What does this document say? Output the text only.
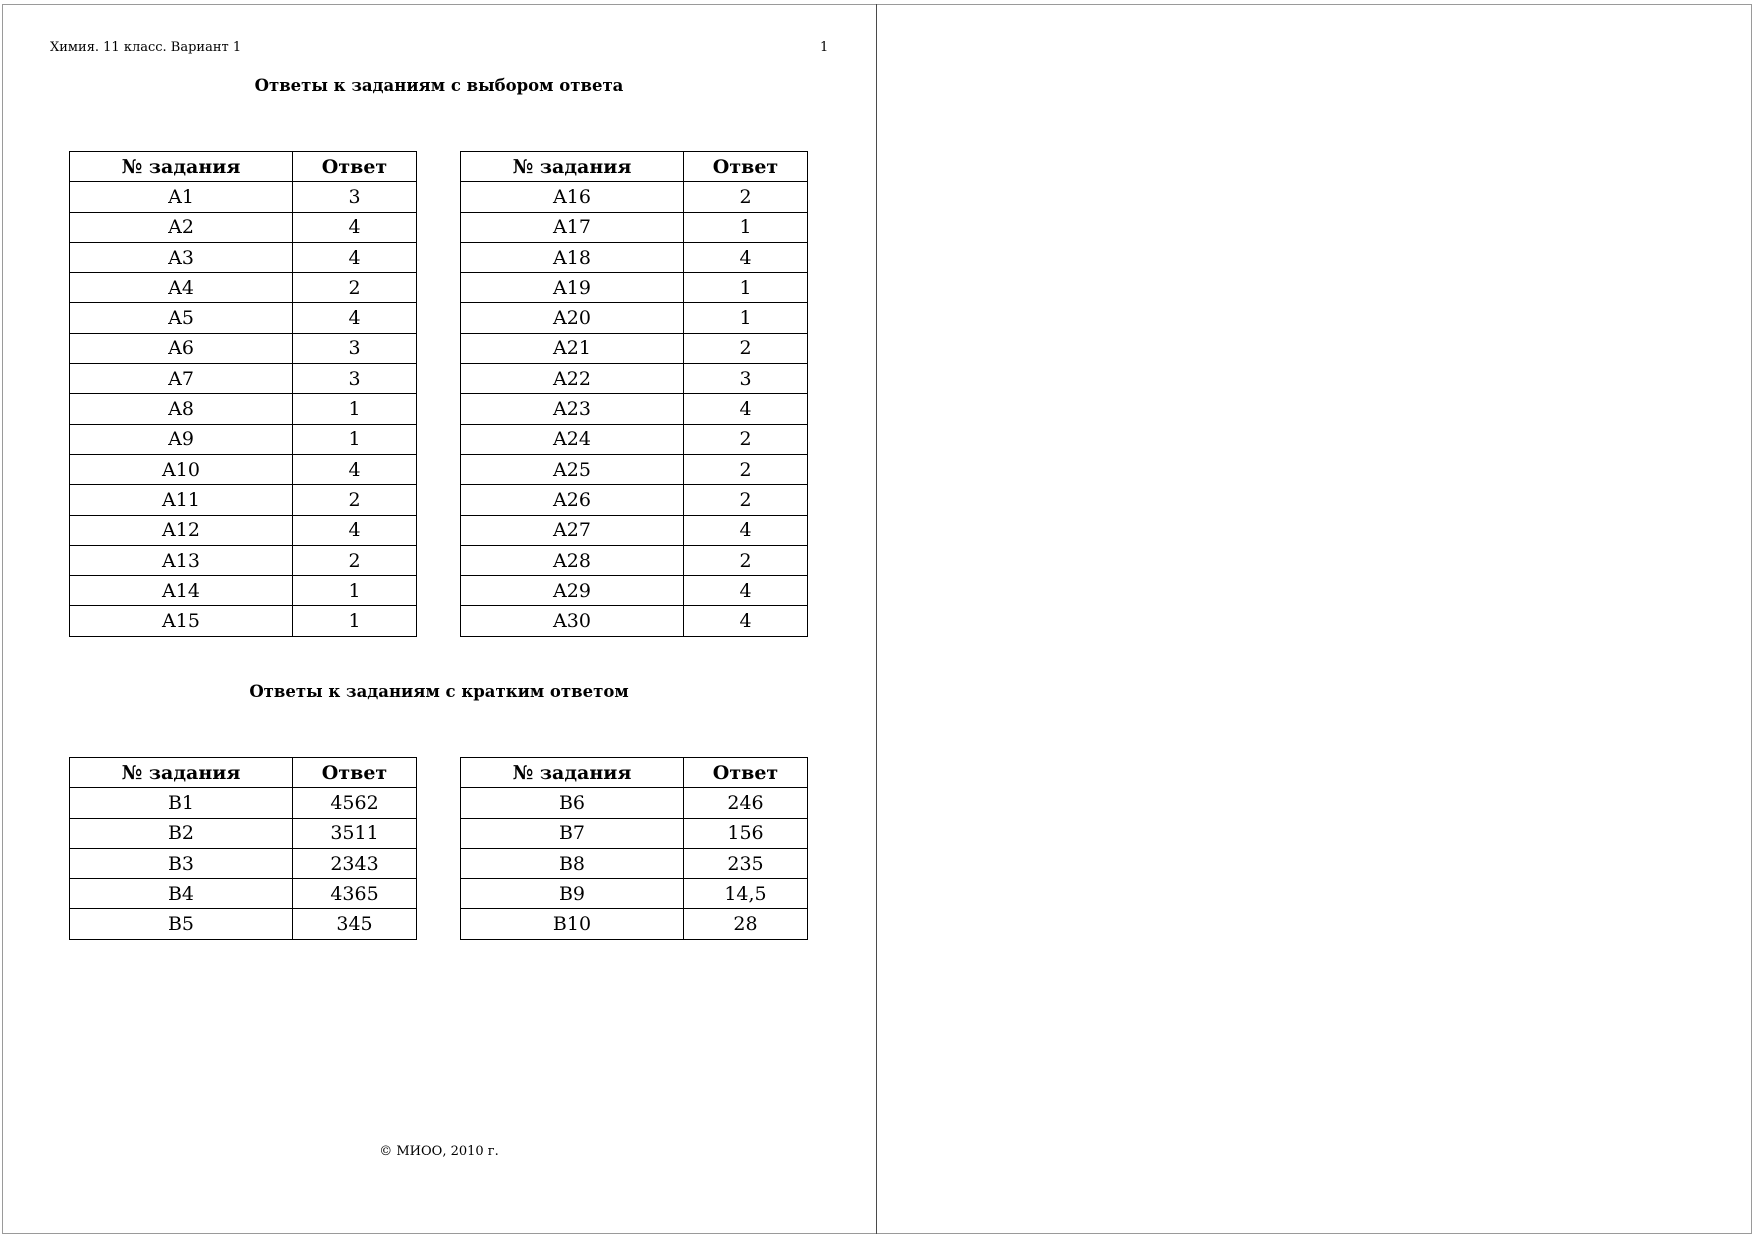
Химия. 11 класс. Вариант 1	1
Ответы к заданиям с выбором ответа
№ задания	Ответ
A1	3
A2	4
A3	4
A4	2
A5	4
A6	3
A7	3
A8	1
A9	1
A10	4
A11	2
A12	4
A13	2
A14	1
A15	1
№ задания	Ответ
A16	2
A17	1
A18	4
A19	1
A20	1
A21	2
A22	3
A23	4
A24	2
A25	2
A26	2
A27	4
A28	2
A29	4
A30	4
Ответы к заданиям с кратким ответом
№ задания	Ответ
B1	4562
B2	3511
B3	2343
B4	4365
B5	345
№ задания	Ответ
B6	246
B7	156
B8	235
B9	14,5
B10	28
© МИОО, 2010 г.
